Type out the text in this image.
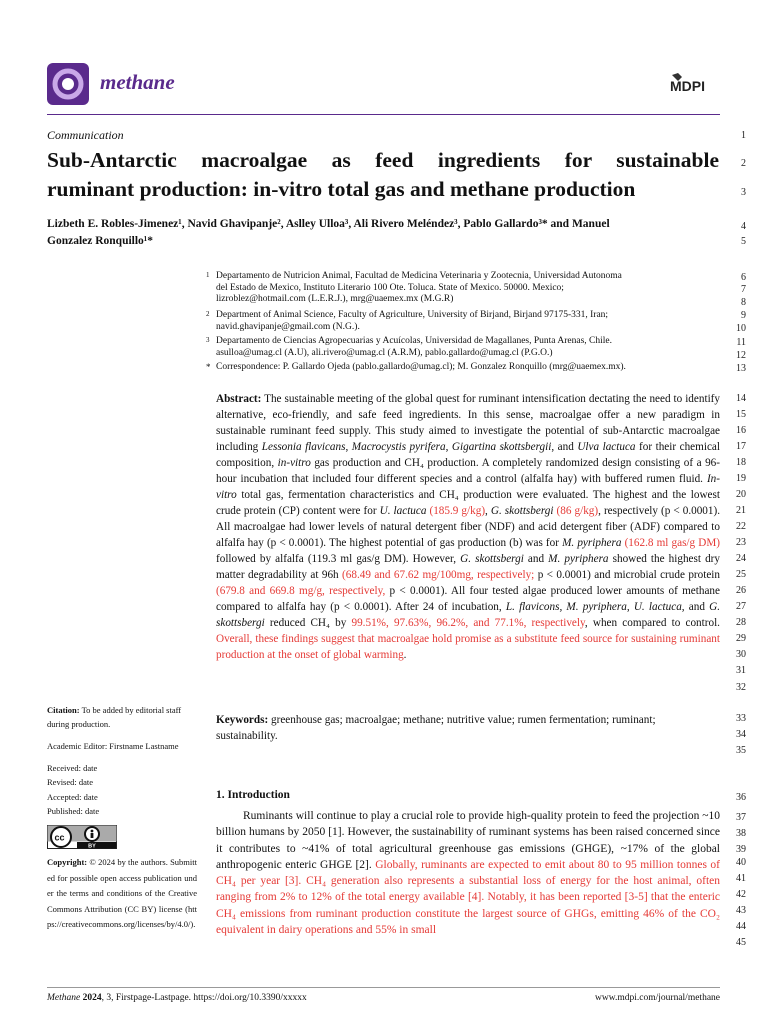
methane	MDPI
Communication
Sub-Antarctic macroalgae as feed ingredients for sustainable
ruminant production: in-vitro total gas and methane production
Lizbeth E. Robles-Jimenez¹, Navid Ghavipanje², Aslley Ulloa³, Ali Rivero Meléndez³, Pablo Gallardo³* and Manuel
Gonzalez Ronquillo¹*
1 Departamento de Nutricion Animal, Facultad de Medicina Veterinaria y Zootecnia, Universidad Autonoma
del Estado de Mexico, Instituto Literario 100 Ote. Toluca. State of Mexico. 50000. Mexico;
lizroblez@hotmail.com (L.E.R.J.), mrg@uaemex.mx (M.G.R)
2 Department of Animal Science, Faculty of Agriculture, University of Birjand, Birjand 97175-331, Iran;
navid.ghavipanje@gmail.com (N.G.).
3 Departamento de Ciencias Agropecuarias y Acuícolas, Universidad de Magallanes, Punta Arenas, Chile.
asulloa@umag.cl (A.U), ali.rivero@umag.cl (A.R.M), pablo.gallardo@umag.cl (P.G.O.)
* Correspondence: P. Gallardo Ojeda (pablo.gallardo@umag.cl); M. Gonzalez Ronquillo (mrg@uaemex.mx).
Abstract: The sustainable meeting of the global quest for ruminant intensification dectating the need to identify alternative, eco-friendly, and safe feed ingredients. In this sense, macroalgae offer a new paradigm in sustainable ruminant feed supply. This study aimed to investigate the potential of sub-Antarctic macroalgae including Lessonia flavicans, Macrocystis pyrifera, Gigartina skottsbergii, and Ulva lactuca for their chemical composition, in-vitro gas production and CH₄ production. A completely randomized design consisting of a 96-hour incubation that included four different species and a control (alfalfa hay) with buffered rumen fluid. In-vitro total gas, fermentation characteristics and CH₄ production were evaluated. The highest and the lowest crude protein (CP) content were for U. lactuca (185.9 g/kg), G. skottsbergi (86 g/kg), respectively (p < 0.0001). All macroalgae had lower levels of natural detergent fiber (NDF) and acid detergent fiber (ADF) compared to alfalfa hay (p < 0.0001). The highest potential of gas production (b) was for M. pyriphera (162.8 ml gas/g DM) followed by alfalfa (119.3 ml gas/g DM). However, G. skottsbergi and M. pyriphera showed the highest dry matter degradability at 96h (68.49 and 67.62 mg/100mg, respectively; p < 0.0001) and microbial crude protein (679.8 and 669.8 mg/g, respectively, p < 0.0001). All four tested algae produced lower amounts of methane compared to alfalfa hay (p < 0.0001). After 24 of incubation, L. flavicons, M. pyriphera, U. lactuca, and G. skottsbergi reduced CH₄ by 99.51%, 97.63%, 96.2%, and 77.1%, respectively, when compared to control. Overall, these findings suggest that macroalgae hold promise as a substitute feed source for sustaining ruminant production at the onset of global warming.
Keywords: greenhouse gas; macroalgae; methane; nutritive value; rumen fermentation; ruminant; sustainability.
Citation: To be added by editorial staff during production.
Academic Editor: Firstname Lastname
Received: date
Revised: date
Accepted: date
Published: date
cc
BY
Copyright: © 2024 by the authors. Submitted for possible open access publication under the terms and conditions of the Creative Commons Attribution (CC BY) license (https://creativecommons.org/licenses/by/4.0/).
1. Introduction
Ruminants will continue to play a crucial role to provide high-quality protein to feed the projection ~10 billion humans by 2050 [1]. However, the sustainability of ruminant systems has been raised concerned since it contributes to ~41% of total agricultural greenhouse gas emissions (GHGE), ~17% of the global anthropogenic enteric GHGE [2]. Globally, ruminants are expected to emit about 80 to 95 million tonnes of CH₄ per year [3]. CH₄ generation also represents a substantial loss of energy for the host animal, often ranging from 2% to 12% of the total energy available [4]. Notably, it has been reported [3-5] that the enteric CH₄ emissions from ruminant production constitute the largest source of GHGs, emitting 46% of the CO₂ equivalent in dairy operations and 55% in small
1
2
3
4
5
6
7
8
9
10
11
12
13
14
15
16
17
18
19
20
21
22
23
24
25
26
27
28
29
30
31
32
33
34
35
36
37
38
39
40
41
42
43
44
45
Methane 2024, 3, Firstpage-Lastpage. https://doi.org/10.3390/xxxxx	www.mdpi.com/journal/methane
